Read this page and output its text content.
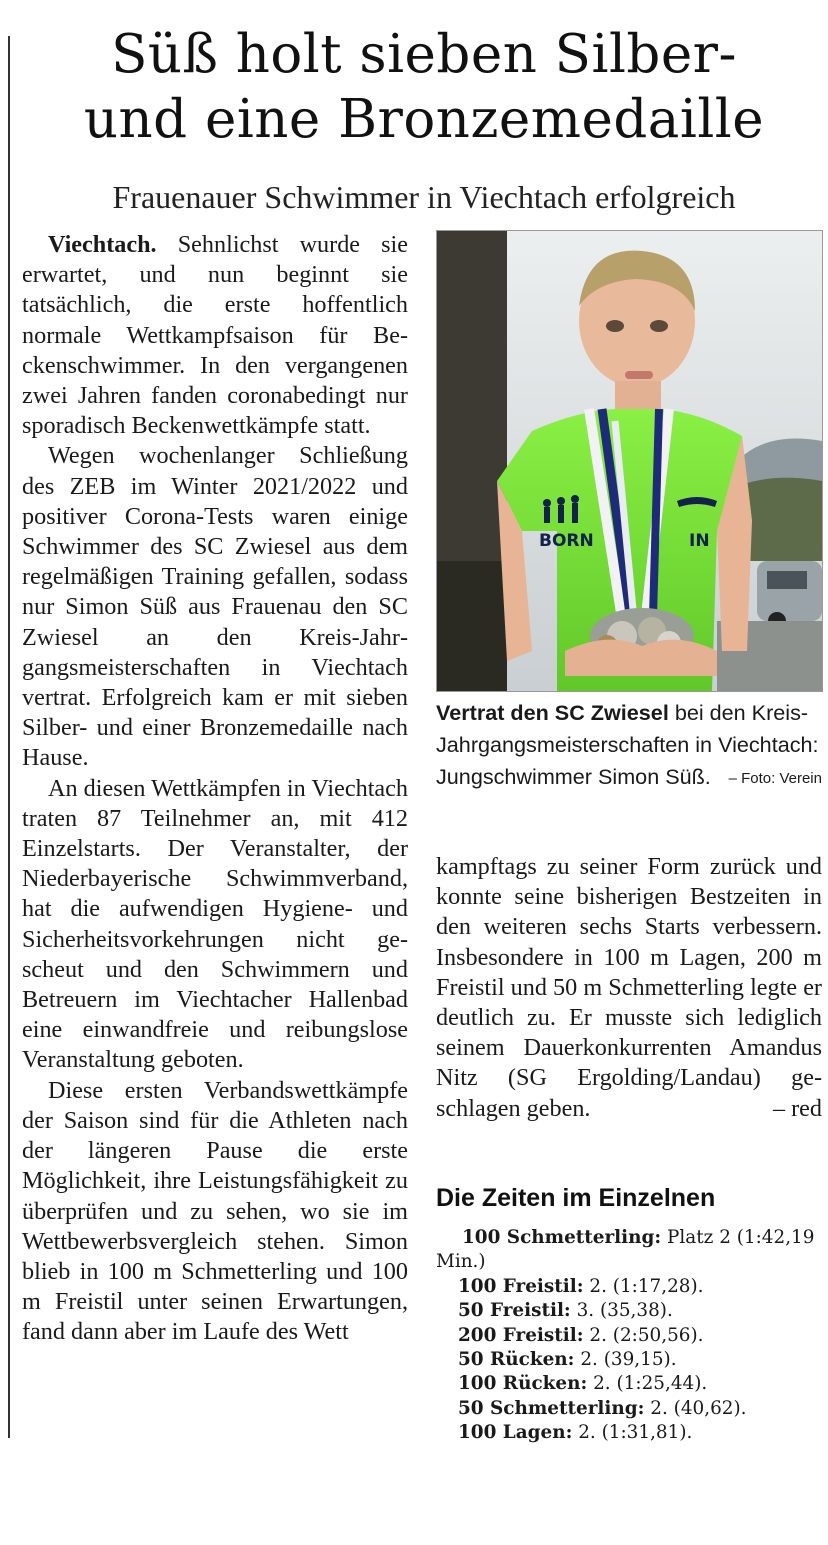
Süß holt sieben Silber-
und eine Bronzemedaille
Frauenauer Schwimmer in Viechtach erfolgreich

Viechtach. Sehnlichst wurde sie erwartet, und nun beginnt sie tatsächlich, die erste hoffentlich normale Wettkampfsaison für Beckenschwimmer. In den vergangenen zwei Jahren fanden coronabedingt nur sporadisch Beckenwettkämpfe statt.

Wegen wochenlanger Schließung des ZEB im Winter 2021/2022 und positiver Corona-Tests waren einige Schwimmer des SC Zwiesel aus dem regelmäßigen Training gefallen, sodass nur Simon Süß aus Frauenau den SC Zwiesel an den Kreis-Jahrgangsmeisterschaften in Viechtach vertrat. Erfolgreich kam er mit sieben Silber- und einer Bronzemedaille nach Hause.

An diesen Wettkämpfen in Viechtach traten 87 Teilnehmer an, mit 412 Einzelstarts. Der Veranstalter, der Niederbayerische Schwimmverband, hat die aufwendigen Hygiene- und Sicherheitsvorkehrungen nicht gescheut und den Schwimmern und Betreuern im Viechtacher Hallenbad eine einwandfreie und reibungslose Veranstaltung geboten.

Diese ersten Verbandswettkämpfe der Saison sind für die Athleten nach der längeren Pause die erste Möglichkeit, ihre Leistungsfähigkeit zu überprüfen und zu sehen, wo sie im Wettbewerbsvergleich stehen. Simon blieb in 100 m Schmetterling und 100 m Freistil unter seinen Erwartungen, fand dann aber im Laufe des Wett

BORN	IN
Vertrat den SC Zwiesel bei den Kreis-Jahrgangsmeisterschaften in Viechtach: Jungschwimmer Simon Süß. – Foto: Verein

kampftags zu seiner Form zurück und konnte seine bisherigen Bestzeiten in den weiteren sechs Starts verbessern. Insbesondere in 100 m Lagen, 200 m Freistil und 50 m Schmetterling legte er deutlich zu. Er musste sich lediglich seinem Dauerkonkurrenten Amandus Nitz (SG Ergolding/Landau) geschlagen geben.	– red

Die Zeiten im Einzelnen

100 Schmetterling: Platz 2 (1:42,19
Min.)

100 Freistil: 2. (1:17,28).

50 Freistil: 3. (35,38).

200 Freistil: 2. (2:50,56).

50 Rücken: 2. (39,15).

100 Rücken: 2. (1:25,44).

50 Schmetterling: 2. (40,62).

100 Lagen: 2. (1:31,81).
